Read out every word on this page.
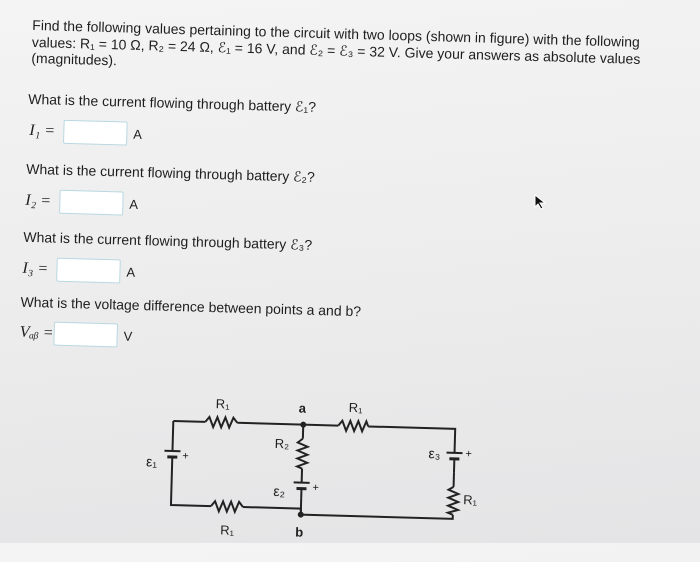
Find the following values pertaining to the circuit with two loops (shown in figure) with the following values: R₁ = 10 Ω, R₂ = 24 Ω, ℰ₁ = 16 V, and ℰ₂ = ℰ₃ = 32 V. Give your answers as absolute values (magnitudes).
What is the current flowing through battery ℰ₁?
I₁ =	A
What is the current flowing through battery ℰ₂?
I₂ =	A
What is the current flowing through battery ℰ₃?
I₃ =	A
What is the voltage difference between points a and b?
Vₐᵦ =	V
R₁
R₁
R₁
R₁
R₂
ε₁ +
ε₂ +
ε₃ +
a
b
